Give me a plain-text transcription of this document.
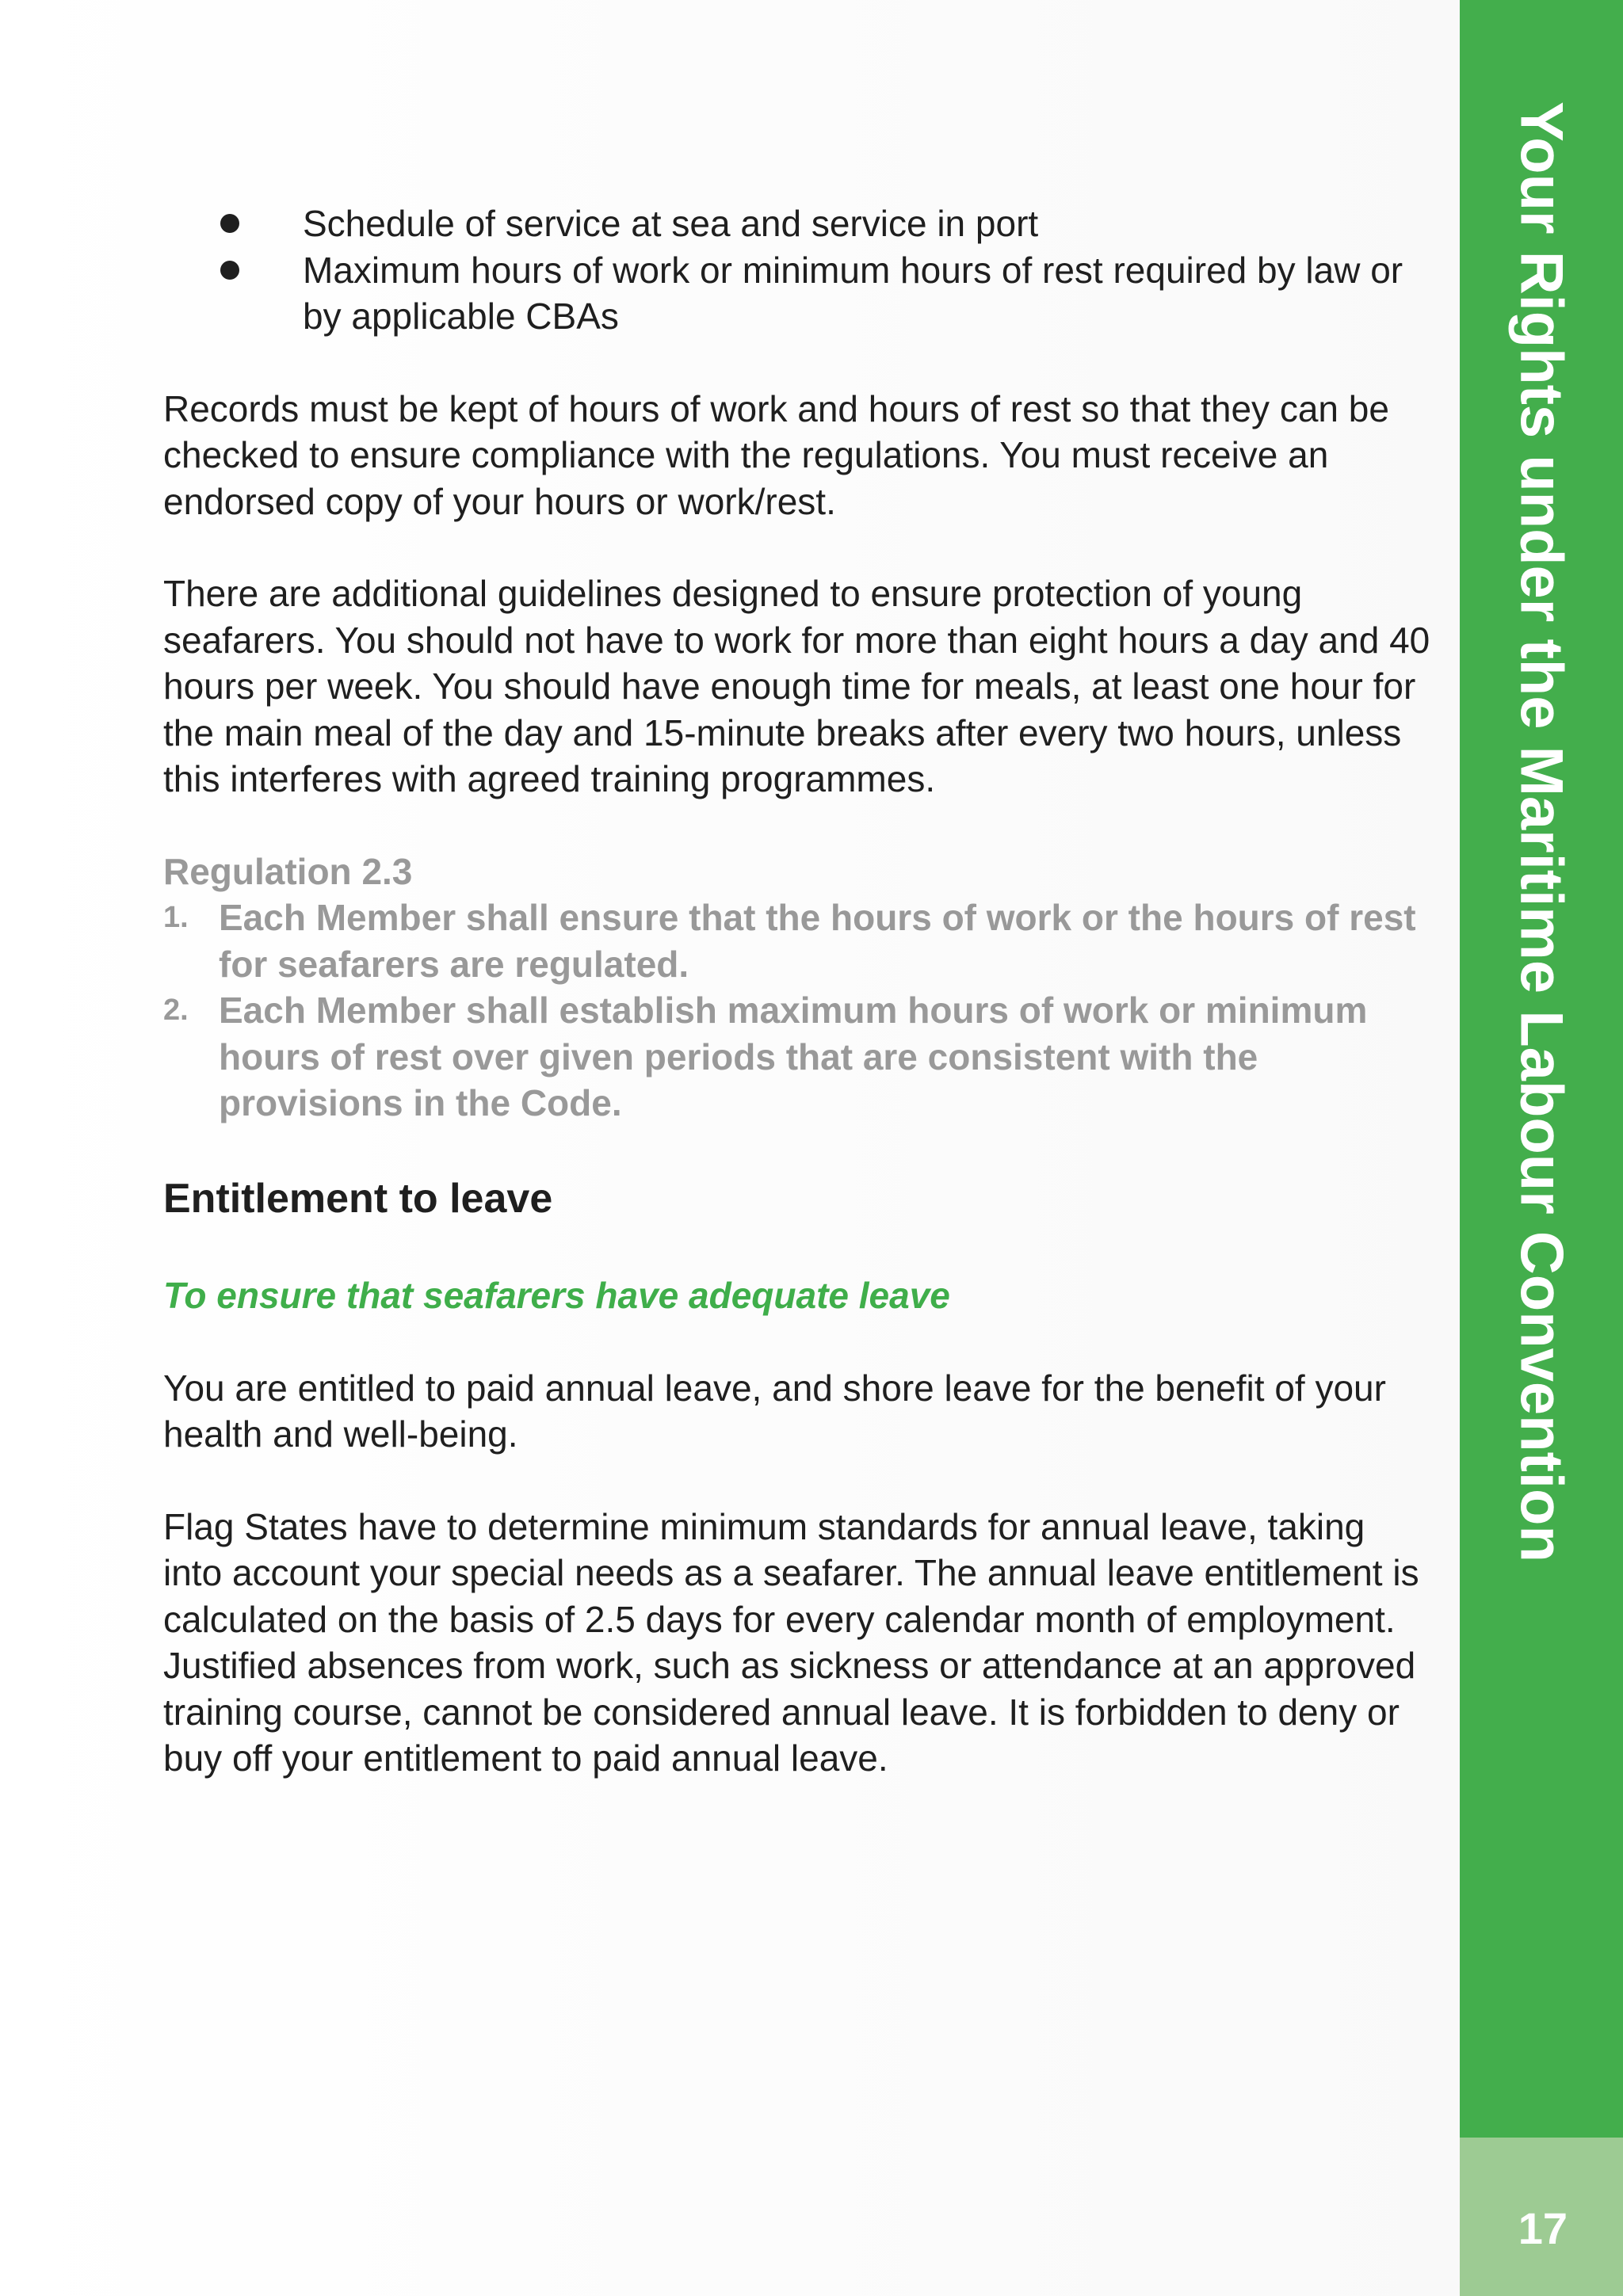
Schedule of service at sea and service in port
Maximum hours of work or minimum hours of rest required by law or by applicable CBAs

Records must be kept of hours of work and hours of rest so that they can be checked to ensure compliance with the regulations. You must receive an endorsed copy of your hours or work/rest.

There are additional guidelines designed to ensure protection of young seafarers. You should not have to work for more than eight hours a day and 40 hours per week. You should have enough time for meals, at least one hour for the main meal of the day and 15-minute breaks after every two hours, unless this interferes with agreed training programmes.

Regulation 2.3

1. Each Member shall ensure that the hours of work or the hours of rest for seafarers are regulated.
2. Each Member shall establish maximum hours of work or minimum hours of rest over given periods that are consistent with the provisions in the Code.
Entitlement to leave

To ensure that seafarers have adequate leave

You are entitled to paid annual leave, and shore leave for the benefit of your health and well-being.

Flag States have to determine minimum standards for annual leave, taking into account your special needs as a seafarer. The annual leave entitlement is calculated on the basis of 2.5 days for every calendar month of employment. Justified absences from work, such as sickness or attendance at an approved training course, cannot be considered annual leave. It is forbidden to deny or buy off your entitlement to paid annual leave.

Your Rights under the Maritime Labour Convention
17
